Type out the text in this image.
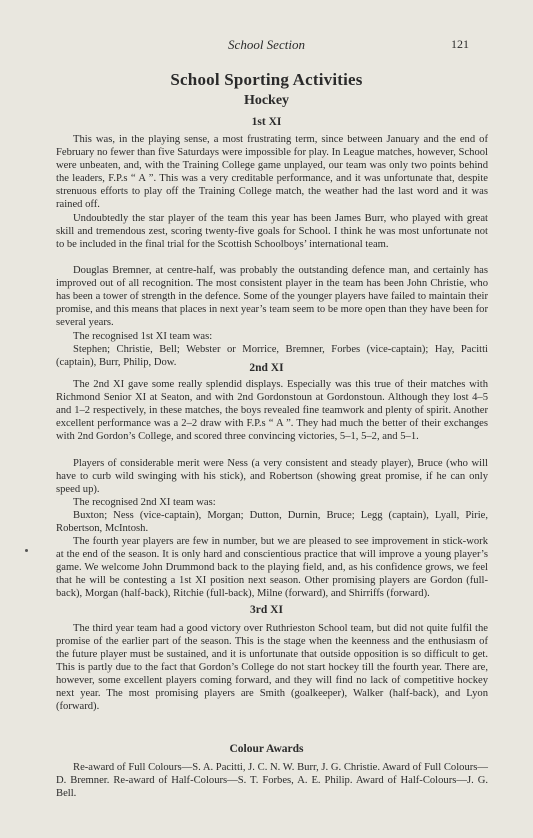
School Section	121
School Sporting Activities
Hockey
1st XI

This was, in the playing sense, a most frustrating term, since between January and the end of February no fewer than five Saturdays were impossible for play. In League matches, however, School were unbeaten, and, with the Training College game unplayed, our team was only two points behind the leaders, F.P.s “ A ”. This was a very creditable performance, and it was unfortunate that, despite strenuous efforts to play off the Training College match, the weather had the last word and it was rained off.

Undoubtedly the star player of the team this year has been James Burr, who played with great skill and tremendous zest, scoring twenty-five goals for School. I think he was most unfortunate not to be included in the final trial for the Scottish Schoolboys’ international team.

Douglas Bremner, at centre-half, was probably the outstanding defence man, and certainly has improved out of all recognition. The most consistent player in the team has been John Christie, who has been a tower of strength in the defence. Some of the younger players have failed to maintain their promise, and this means that places in next year’s team seem to be more open than they have been for several years.

The recognised 1st XI team was:

Stephen; Christie, Bell; Webster or Morrice, Bremner, Forbes (vice-captain); Hay, Pacitti (captain), Burr, Philip, Dow.	2nd XI

The 2nd XI gave some really splendid displays. Especially was this true of their matches with Richmond Senior XI at Seaton, and with 2nd Gordonstoun at Gordonstoun. Although they lost 4–5 and 1–2 respectively, in these matches, the boys revealed fine teamwork and plenty of spirit. Another excellent performance was a 2–2 draw with F.P.s “ A ”. They had much the better of their exchanges with 2nd Gordon’s College, and scored three convincing victories, 5–1, 5–2, and 5–1.

Players of considerable merit were Ness (a very consistent and steady player), Bruce (who will have to curb wild swinging with his stick), and Robertson (showing great promise, if he can only speed up).

The recognised 2nd XI team was:

Buxton; Ness (vice-captain), Morgan; Dutton, Durnin, Bruce; Legg (captain), Lyall, Pirie, Robertson, McIntosh.

The fourth year players are few in number, but we are pleased to see improvement in stick-work at the end of the season. It is only hard and conscientious practice that will improve a young player’s game. We welcome John Drummond back to the playing field, and, as his confidence grows, we feel that he will be contesting a 1st XI position next season. Other promising players are Gordon (full-back), Morgan (half-back), Ritchie (full-back), Milne (forward), and Shirriffs (forward).

3rd XI

The third year team had a good victory over Ruthrieston School team, but did not quite fulfil the promise of the earlier part of the season. This is the stage when the keenness and the enthusiasm of the future player must be sustained, and it is unfortunate that outside opposition is so difficult to get. This is partly due to the fact that Gordon’s College do not start hockey till the fourth year. There are, however, some excellent players coming forward, and they will find no lack of competitive hockey next year. The most promising players are Smith (goalkeeper), Walker (half-back), and Lyon (forward).

Colour Awards

Re-award of Full Colours—S. A. Pacitti, J. C. N. W. Burr, J. G. Christie. Award of Full Colours—D. Bremner. Re-award of Half-Colours—S. T. Forbes, A. E. Philip. Award of Half-Colours—J. G. Bell.
